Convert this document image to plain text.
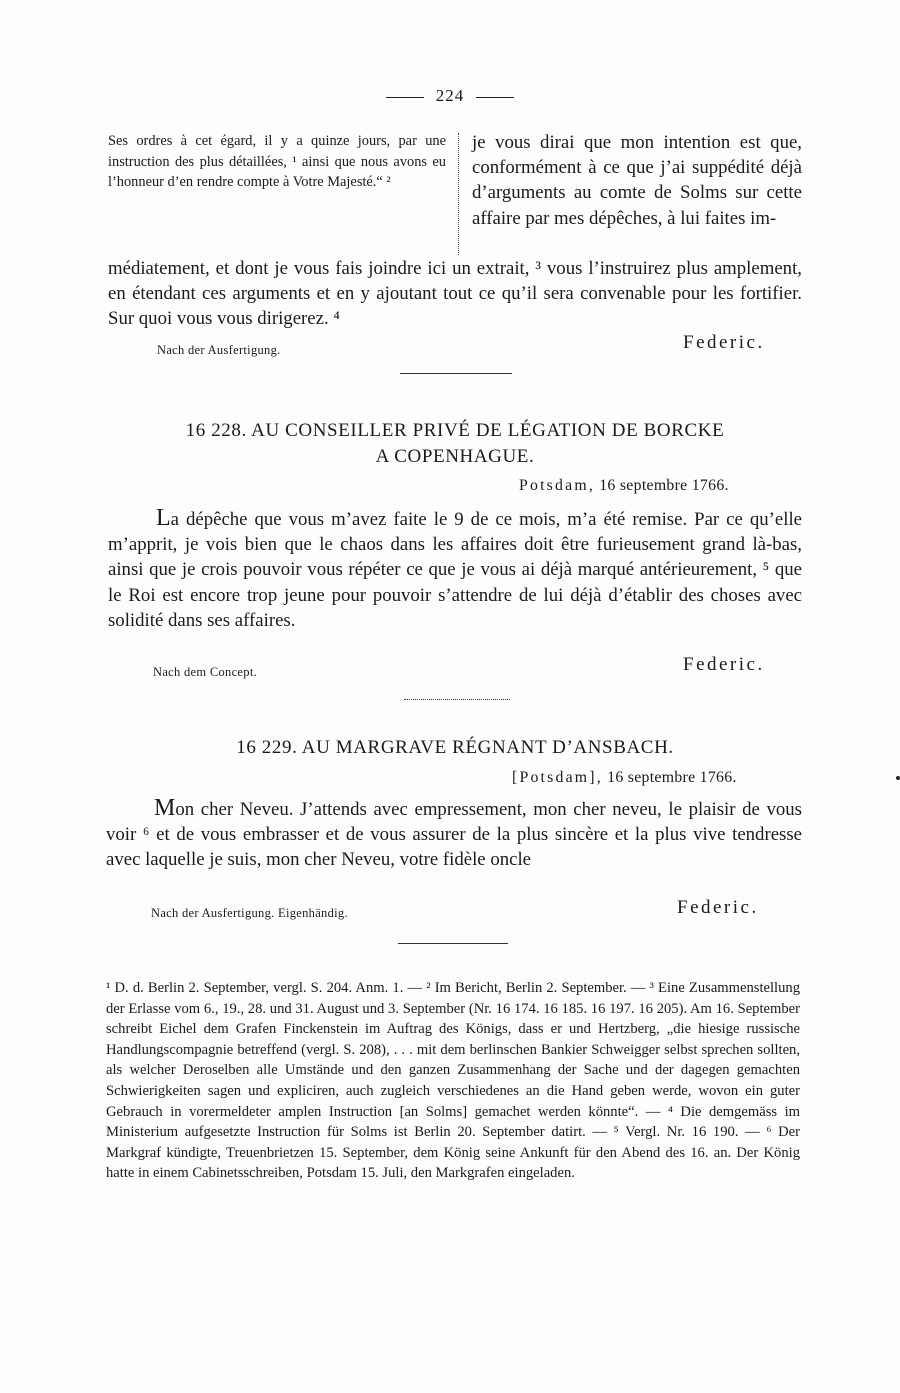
224
Ses ordres à cet égard, il y a quinze jours, par une instruction des plus détaillées, ¹ ainsi que nous avons eu l’honneur d’en rendre compte à Votre Majesté.“ ²
je vous dirai que mon intention est que, conformément à ce que j’ai suppédité déjà d’arguments au comte de Solms sur cette affaire par mes dépêches, à lui faites im-
médiatement, et dont je vous fais joindre ici un extrait, ³ vous l’instruirez plus amplement, en étendant ces arguments et en y ajoutant tout ce qu’il sera convenable pour les fortifier. Sur quoi vous vous dirigerez. ⁴
Nach der Ausfertigung.	Federic.
16 228. AU CONSEILLER PRIVÉ DE LÉGATION DE BORCKE
A COPENHAGUE.
Potsdam, 16 septembre 1766.
La dépêche que vous m’avez faite le 9 de ce mois, m’a été remise. Par ce qu’elle m’apprit, je vois bien que le chaos dans les affaires doit être furieusement grand là-bas, ainsi que je crois pouvoir vous répéter ce que je vous ai déjà marqué antérieurement, ⁵ que le Roi est encore trop jeune pour pouvoir s’attendre de lui déjà d’établir des choses avec solidité dans ses affaires.
Nach dem Concept.	Federic.
16 229. AU MARGRAVE RÉGNANT D’ANSBACH.
[Potsdam], 16 septembre 1766.
Mon cher Neveu. J’attends avec empressement, mon cher neveu, le plaisir de vous voir ⁶ et de vous embrasser et de vous assurer de la plus sincère et la plus vive tendresse avec laquelle je suis, mon cher Neveu, votre fidèle oncle
Nach der Ausfertigung. Eigenhändig.	Federic.
¹ D. d. Berlin 2. September, vergl. S. 204. Anm. 1. — ² Im Bericht, Berlin 2. September. — ³ Eine Zusammenstellung der Erlasse vom 6., 19., 28. und 31. August und 3. September (Nr. 16 174. 16 185. 16 197. 16 205). Am 16. September schreibt Eichel dem Grafen Finckenstein im Auftrag des Königs, dass er und Hertzberg, „die hiesige russische Handlungscompagnie betreffend (vergl. S. 208), . . . mit dem berlinschen Bankier Schweigger selbst sprechen sollten, als welcher Deroselben alle Umstände und den ganzen Zusammenhang der Sache und der dagegen gemachten Schwierigkeiten sagen und expliciren, auch zugleich verschiedenes an die Hand geben werde, wovon ein guter Gebrauch in vorermeldeter amplen Instruction [an Solms] gemachet werden könnte“. — ⁴ Die demgemäss im Ministerium aufgesetzte Instruction für Solms ist Berlin 20. September datirt. — ⁵ Vergl. Nr. 16 190. — ⁶ Der Markgraf kündigte, Treuenbrietzen 15. September, dem König seine Ankunft für den Abend des 16. an. Der König hatte in einem Cabinetsschreiben, Potsdam 15. Juli, den Markgrafen eingeladen.
